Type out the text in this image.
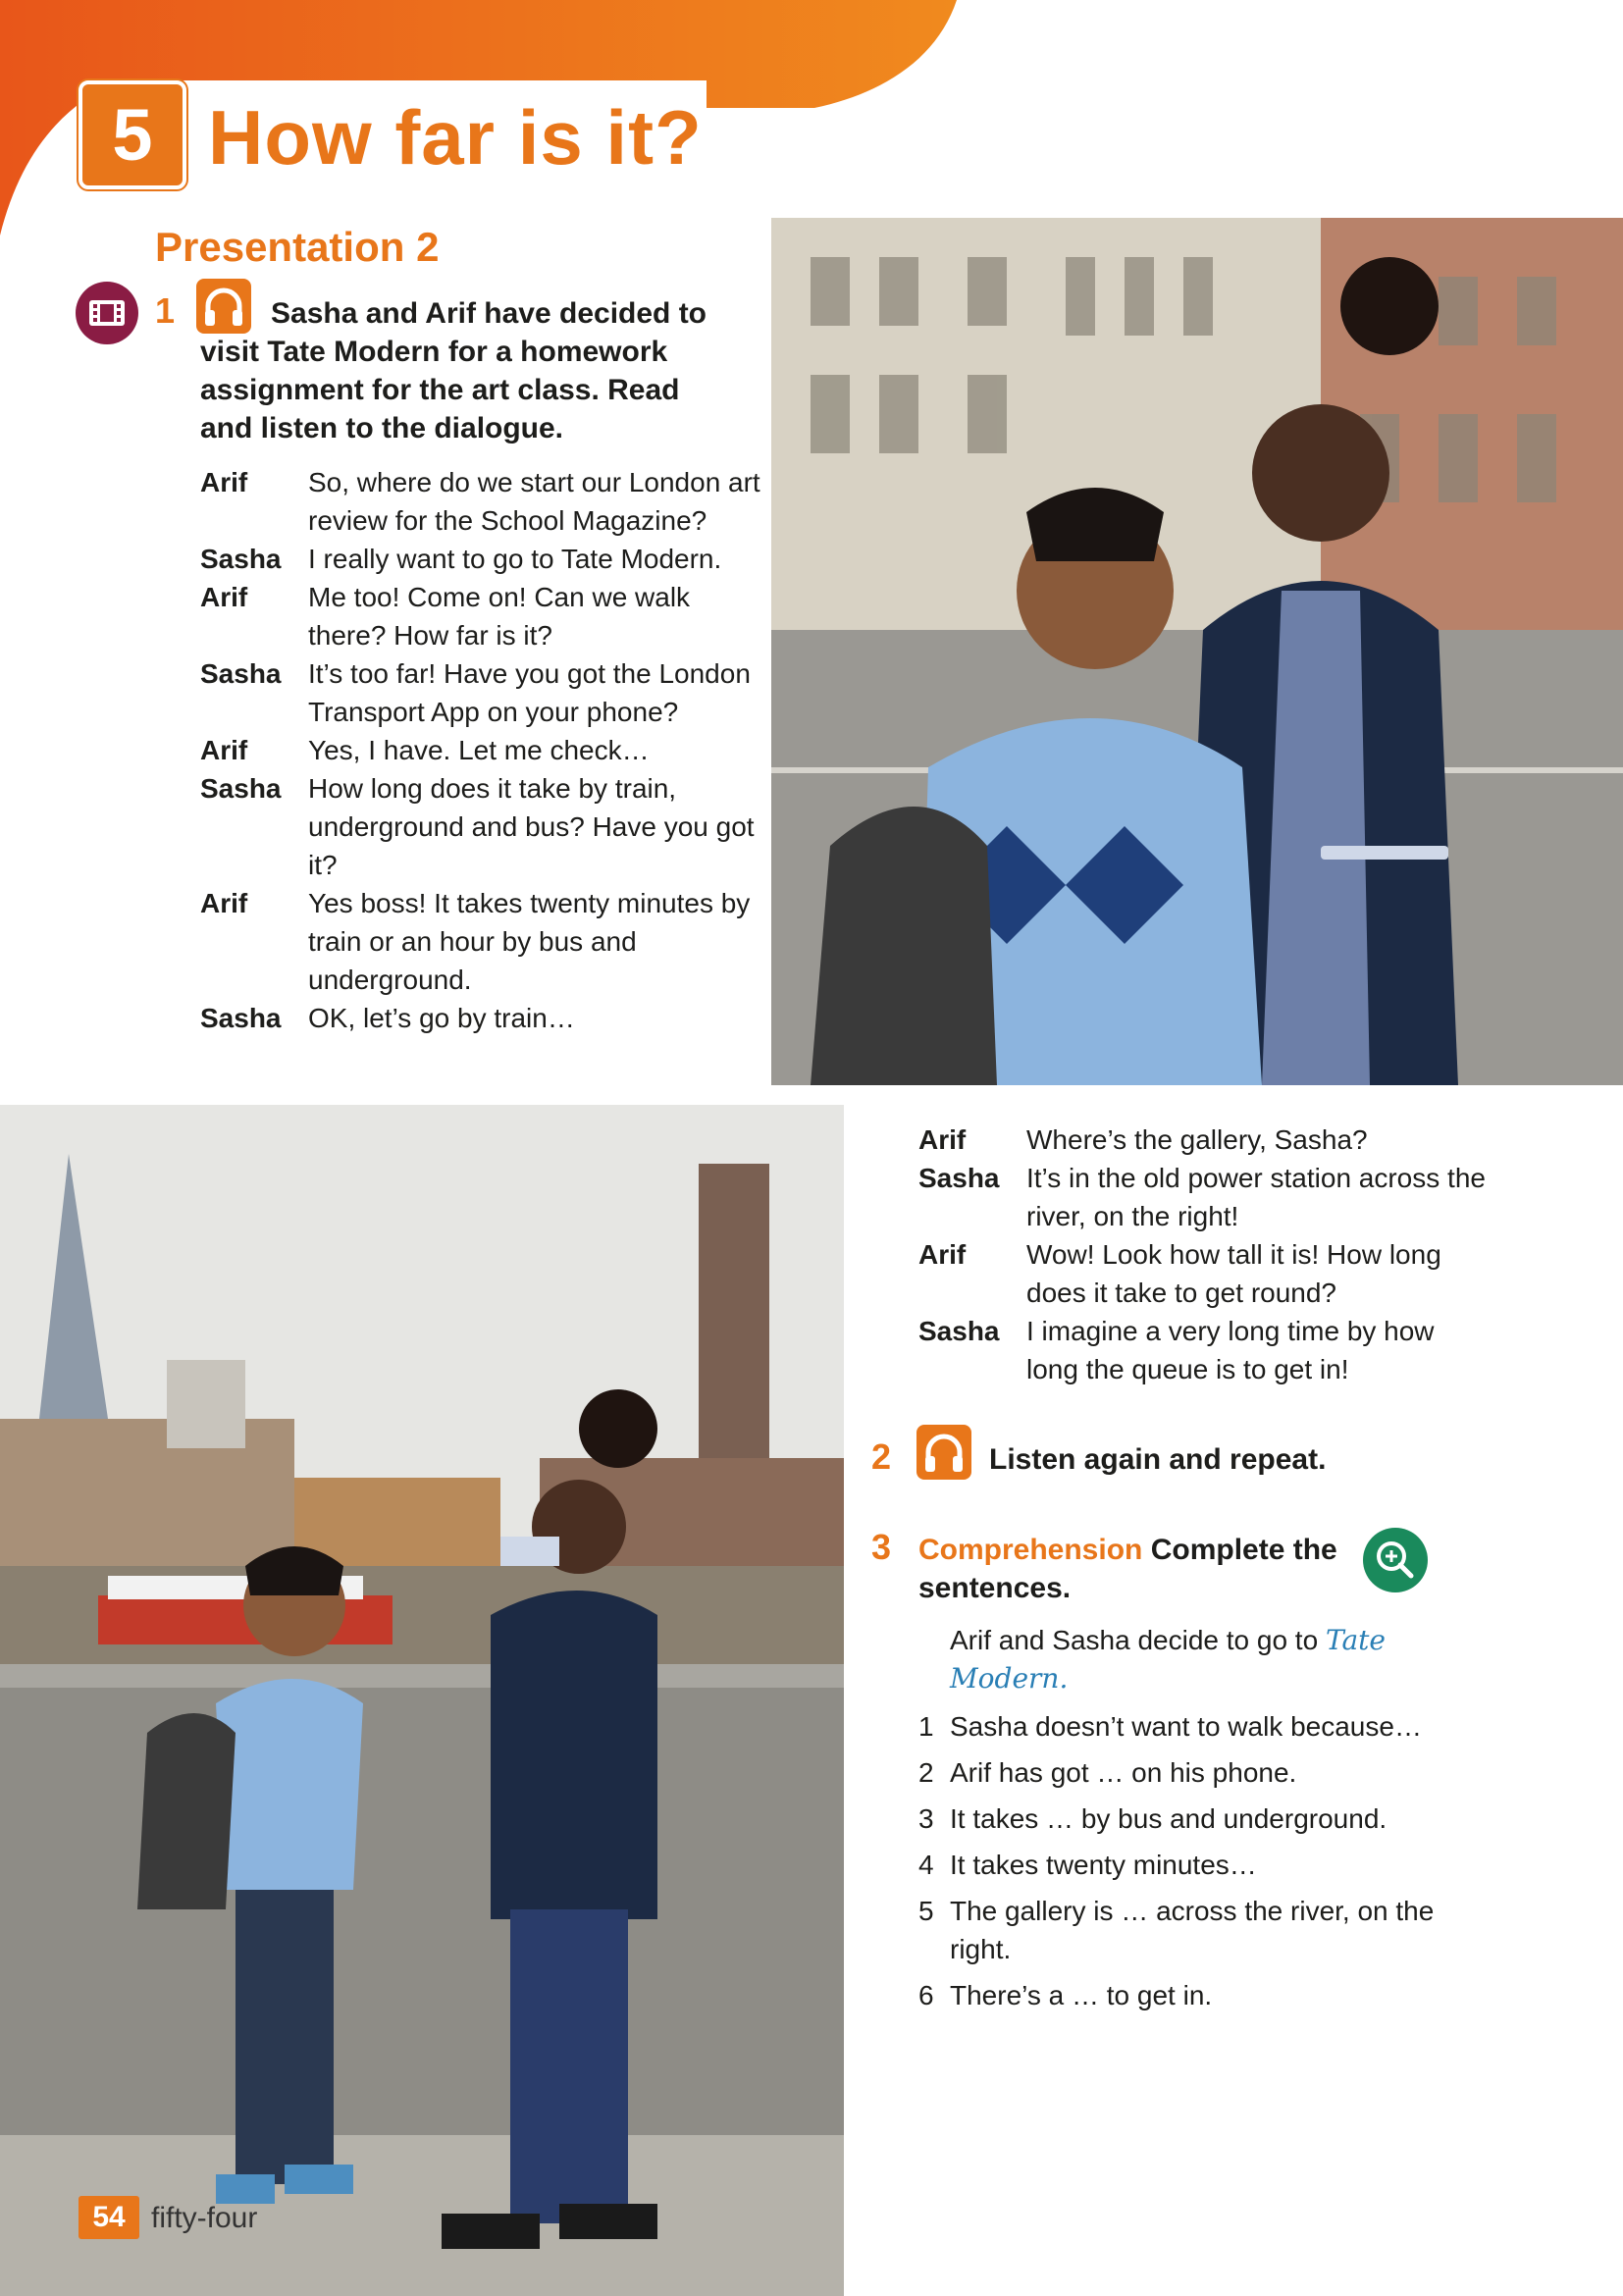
5 How far is it?
Presentation 2
1	Sasha and Arif have decided to visit Tate Modern for a homework assignment for the art class. Read and listen to the dialogue.
Arif	So, where do we start our London art review for the School Magazine?
Sasha I really want to go to Tate Modern.
Arif	Me too! Come on! Can we walk there? How far is it?
Sasha It’s too far! Have you got the London Transport App on your phone?
Arif	Yes, I have. Let me check…
Sasha How long does it take by train, underground and bus? Have you got it?
Arif	Yes boss! It takes twenty minutes by train or an hour by bus and underground.
Sasha OK, let’s go by train…
Arif	Where’s the gallery, Sasha?
Sasha It’s in the old power station across the river, on the right!
Arif	Wow! Look how tall it is! How long does it take to get round?
Sasha I imagine a very long time by how long the queue is to get in!
2	Listen again and repeat.
3 Comprehension Complete the sentences.
Arif and Sasha decide to go to Tate Modern.
1 Sasha doesn’t want to walk because…
2 Arif has got … on his phone.
3 It takes … by bus and underground.
4 It takes twenty minutes…
5 The gallery is … across the river, on the right.
6 There’s a … to get in.
54 fifty-four
